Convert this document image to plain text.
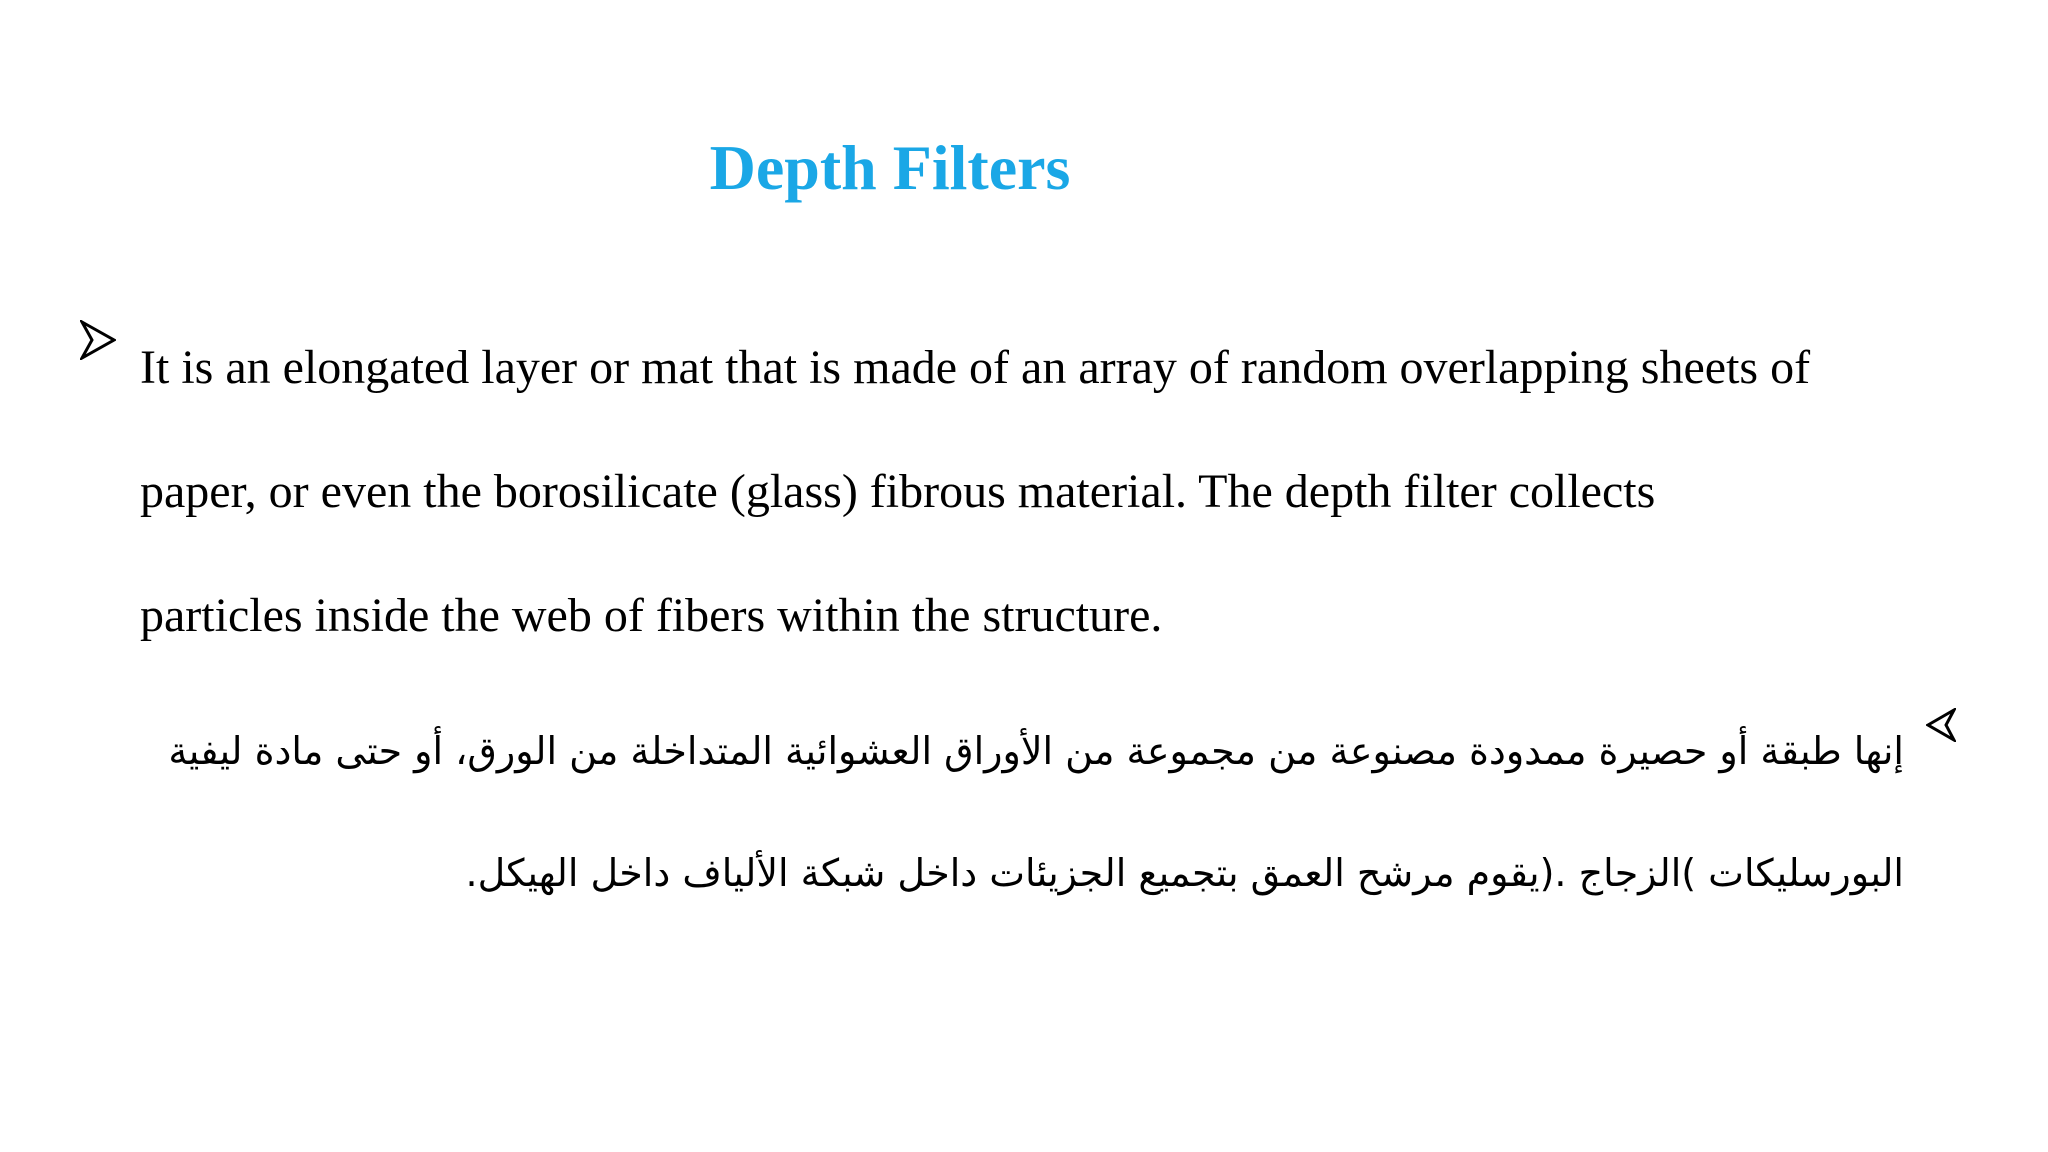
Depth Filters

It is an elongated layer or mat that is made of an array of random overlapping sheets of

paper, or even the borosilicate (glass) fibrous material. The depth filter collects

particles inside the web of fibers within the structure.

إنها طبقة أو حصيرة ممدودة مصنوعة من مجموعة من الأوراق العشوائية المتداخلة من الورق، أو حتى مادة ليفية

البورسليكات )الزجاج .(يقوم مرشح العمق بتجميع الجزيئات داخل شبكة الألياف داخل الهيكل.
